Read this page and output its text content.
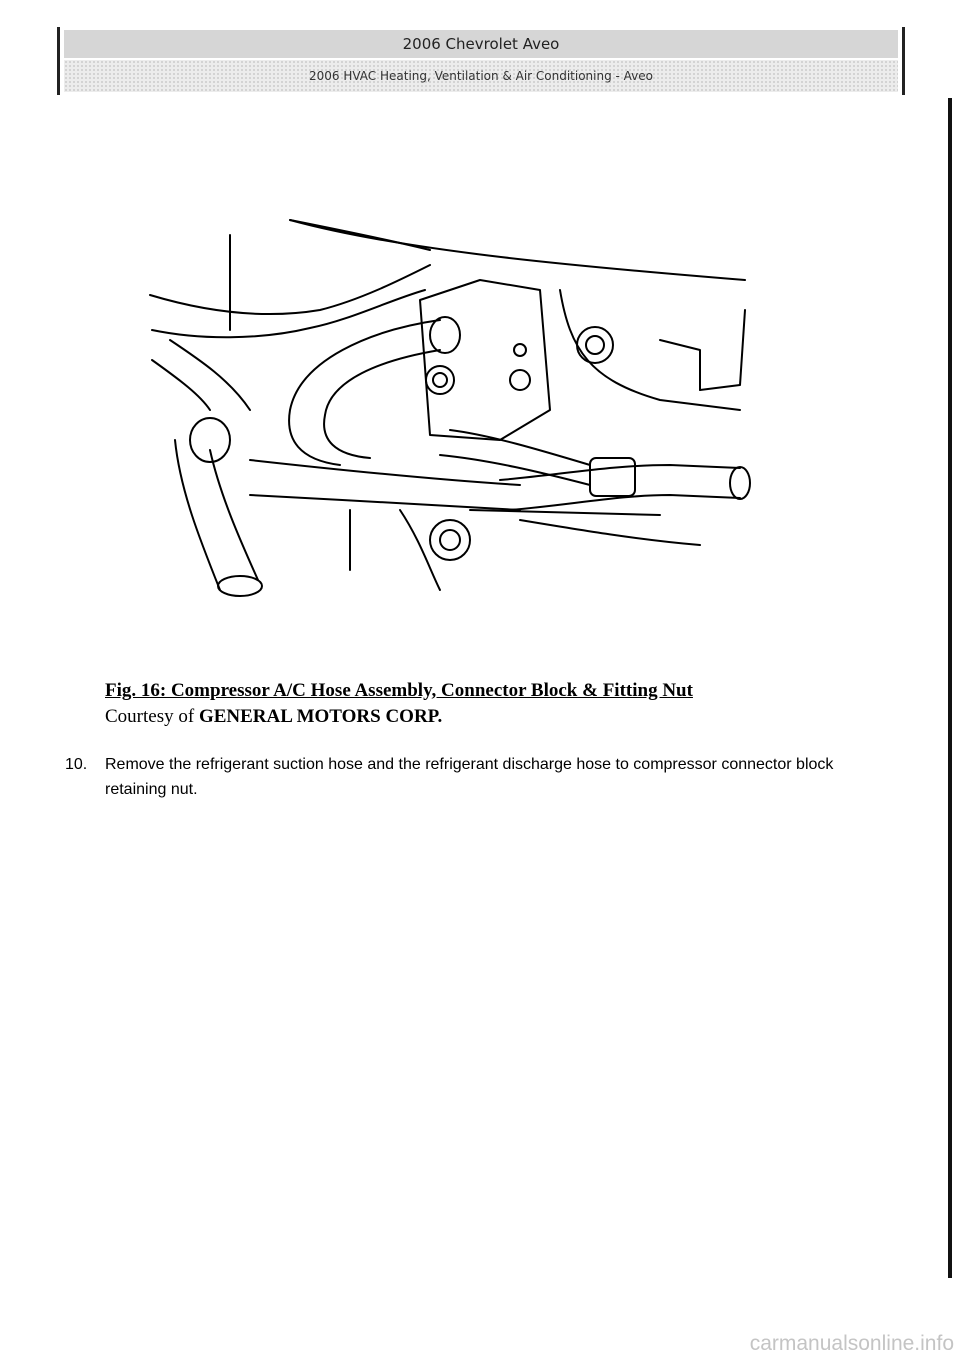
2006 Chevrolet Aveo
2006 HVAC Heating, Ventilation & Air Conditioning - Aveo
Fig. 16: Compressor A/C Hose Assembly, Connector Block & Fitting Nut
Courtesy of GENERAL MOTORS CORP.
10. Remove the refrigerant suction hose and the refrigerant discharge hose to compressor connector block retaining nut.
carmanualsonline.info
